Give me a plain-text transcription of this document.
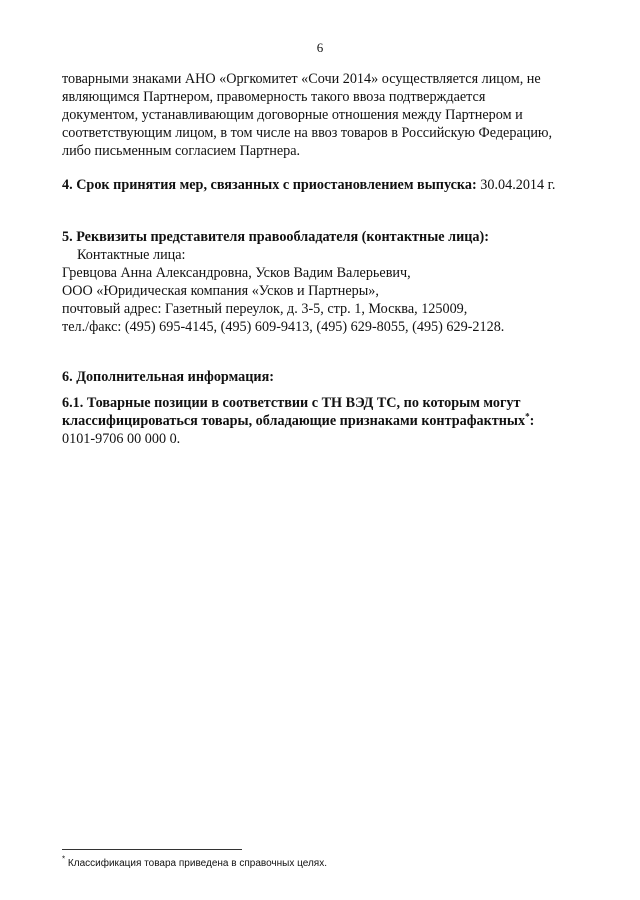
6
товарными знаками АНО «Оргкомитет «Сочи 2014» осуществляется лицом, не
являющимся Партнером, правомерность такого ввоза подтверждается
документом, устанавливающим договорные отношения между Партнером и
соответствующим лицом, в том числе на ввоз товаров в Российскую Федерацию,
либо письменным согласием Партнера.
4. Срок принятия мер, связанных с приостановлением выпуска: 30.04.2014 г.
5. Реквизиты представителя правообладателя (контактные лица):
Контактные лица:
Гревцова Анна Александровна, Усков Вадим Валерьевич,
ООО «Юридическая компания «Усков и Партнеры»,
почтовый адрес: Газетный переулок, д. 3-5, стр. 1, Москва, 125009,
тел./факс: (495) 695-4145, (495) 609-9413, (495) 629-8055, (495) 629-2128.
6. Дополнительная информация:
6.1. Товарные позиции в соответствии с ТН ВЭД ТС, по которым могут
классифицироваться товары, обладающие признаками контрафактных*:
0101-9706 00 000 0.
* Классификация товара приведена в справочных целях.
